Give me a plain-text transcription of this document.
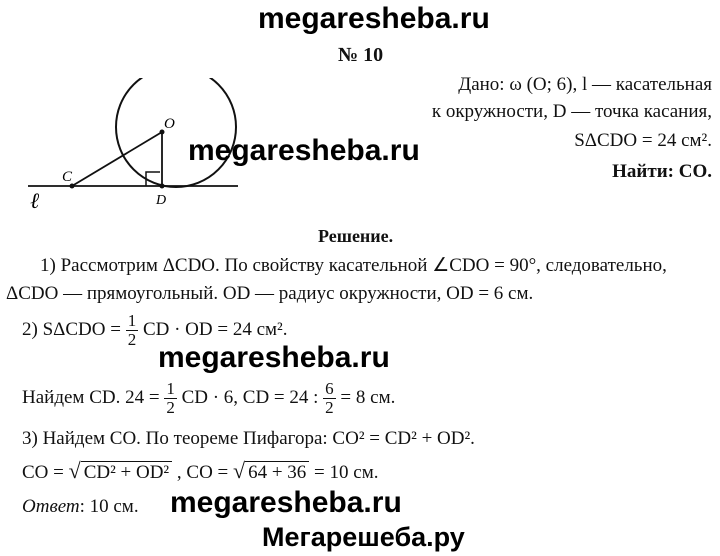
megaresheba.ru
№ 10
O
C
D
ℓ
megaresheba.ru
Дано: ω (O; 6), l — касательная
к окружности, D — точка касания,
SΔCDO = 24 см².
Найти: CO.
Решение.
1) Рассмотрим ΔCDO. По свойству касательной ∠CDO = 90°, следовательно,
ΔCDO — прямоугольный. OD — радиус окружности, OD = 6 см.
2) $S\Delta CDO = \frac{1}{2}$ CD · OD = 24 см².
megaresheba.ru
Найдем CD. $24 = \frac{1}{2}$ CD · 6, CD = 24 : $\frac{6}{2} = 8$ см.
3) Найдем CO. По теореме Пифагора: CO² = CD² + OD².
CO = √ CD² + OD² , CO = √ 64 + 36 = 10 см.
Ответ: 10 см. megaresheba.ru
Мегарешеба.ру
